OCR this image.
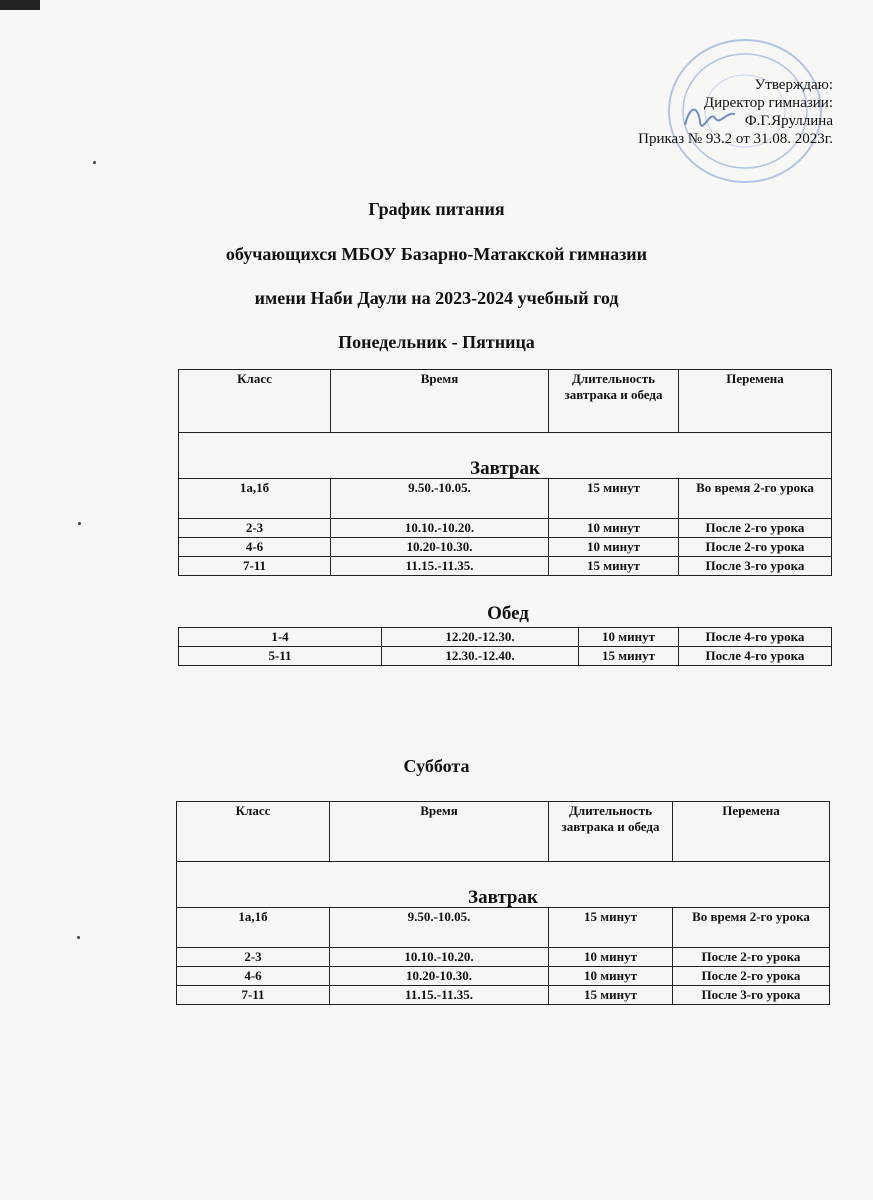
Утверждаю:
Директор гимназии:
Ф.Г.Яруллина
Приказ № 93.2 от 31.08. 2023г.
График питания
обучающихся МБОУ Базарно-Матакской гимназии
имени Наби Даули на 2023-2024 учебный год
Понедельник - Пятница
Класс	Время	Длительность завтрака и обеда	Перемена
Завтрак			
1а,1б	9.50.-10.05.	15 минут	Во время 2-го урока
2-3	10.10.-10.20.	10 минут	После 2-го урока
4-6	10.20-10.30.	10 минут	После 2-го урока
7-11	11.15.-11.35.	15 минут	После 3-го урока
Обед
1-4	12.20.-12.30.	10 минут	После 4-го урока
5-11	12.30.-12.40.	15 минут	После 4-го урока
Суббота
Класс	Время	Длительность завтрака и обеда	Перемена
Завтрак			
1а,1б	9.50.-10.05.	15 минут	Во время 2-го урока
2-3	10.10.-10.20.	10 минут	После 2-го урока
4-6	10.20-10.30.	10 минут	После 2-го урока
7-11	11.15.-11.35.	15 минут	После 3-го урока
